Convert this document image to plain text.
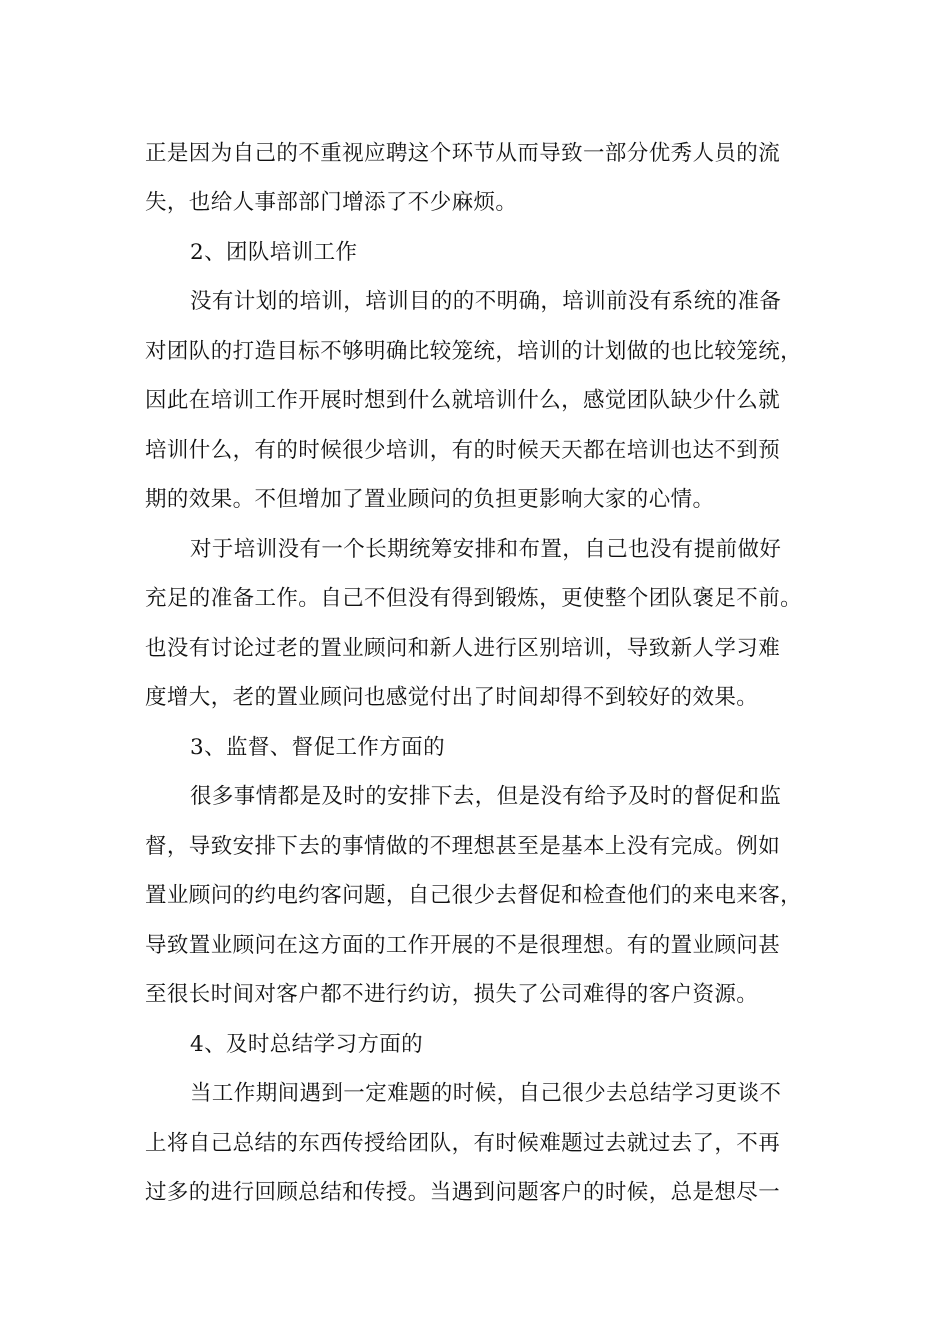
正是因为自己的不重视应聘这个环节从而导致一部分优秀人员的流
失，也给人事部部门增添了不少麻烦。
2、团队培训工作
没有计划的培训，培训目的的不明确，培训前没有系统的准备
对团队的打造目标不够明确比较笼统，培训的计划做的也比较笼统，
因此在培训工作开展时想到什么就培训什么，感觉团队缺少什么就
培训什么，有的时候很少培训，有的时候天天都在培训也达不到预
期的效果。不但增加了置业顾问的负担更影响大家的心情。
对于培训没有一个长期统筹安排和布置，自己也没有提前做好
充足的准备工作。自己不但没有得到锻炼，更使整个团队褒足不前。
也没有讨论过老的置业顾问和新人进行区别培训，导致新人学习难
度增大，老的置业顾问也感觉付出了时间却得不到较好的效果。
3、监督、督促工作方面的
很多事情都是及时的安排下去，但是没有给予及时的督促和监
督，导致安排下去的事情做的不理想甚至是基本上没有完成。例如
置业顾问的约电约客问题，自己很少去督促和检查他们的来电来客，
导致置业顾问在这方面的工作开展的不是很理想。有的置业顾问甚
至很长时间对客户都不进行约访，损失了公司难得的客户资源。
4、及时总结学习方面的
当工作期间遇到一定难题的时候，自己很少去总结学习更谈不
上将自己总结的东西传授给团队，有时候难题过去就过去了，不再
过多的进行回顾总结和传授。当遇到问题客户的时候，总是想尽一
